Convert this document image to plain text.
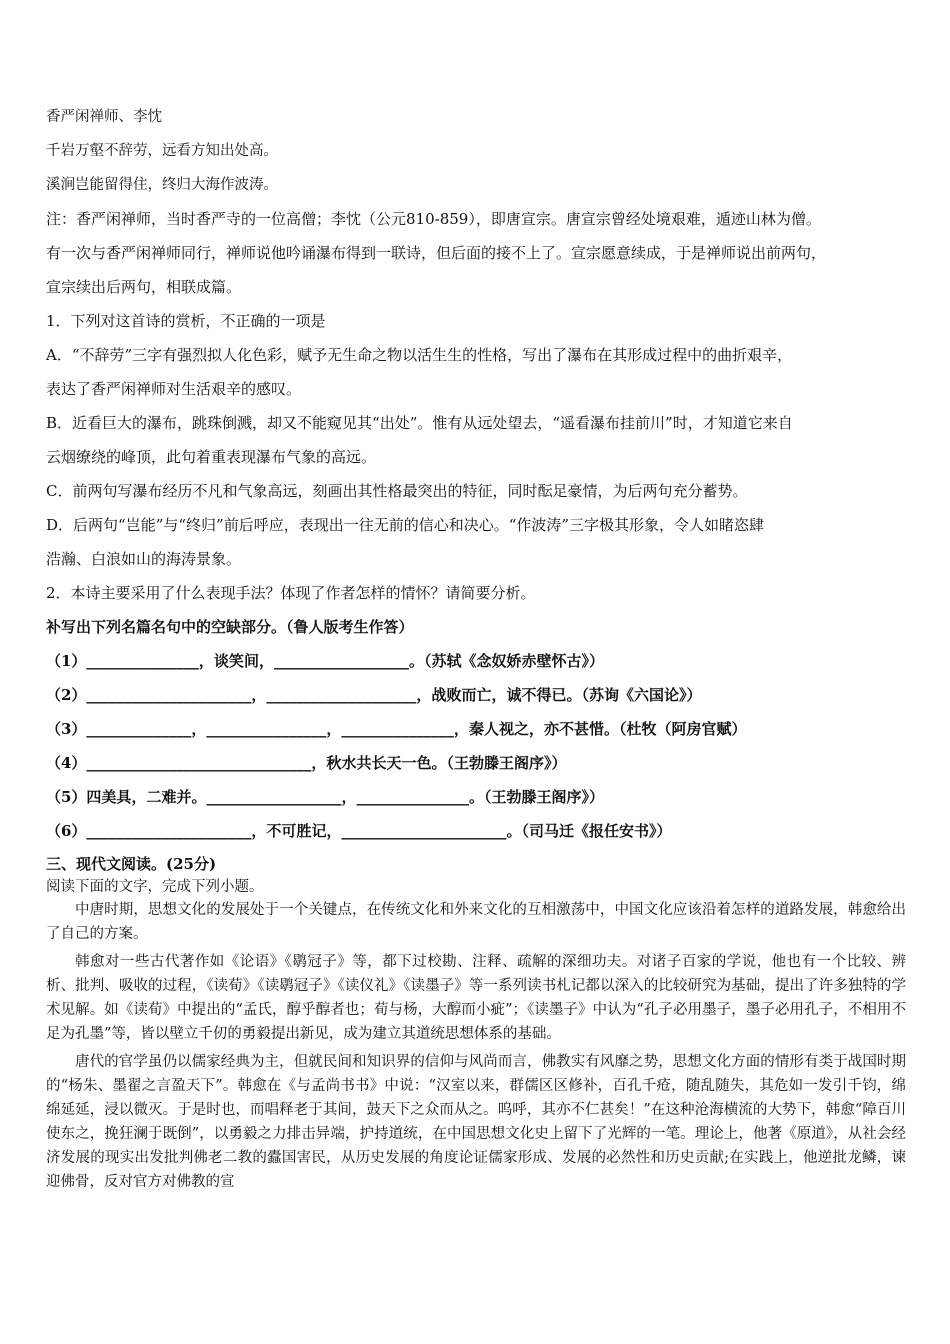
香严闲禅师、李忱
千岩万壑不辞劳，远看方知出处高。
溪涧岂能留得住，终归大海作波涛。
注：香严闲禅师，当时香严寺的一位高僧；李忱（公元810-859），即唐宣宗。唐宣宗曾经处境艰难，遁迹山林为僧。
有一次与香严闲禅师同行，禅师说他吟诵瀑布得到一联诗，但后面的接不上了。宣宗愿意续成，于是禅师说出前两句，
宣宗续出后两句，相联成篇。
1．下列对这首诗的赏析，不正确的一项是
A．“不辞劳”三字有强烈拟人化色彩，赋予无生命之物以活生生的性格，写出了瀑布在其形成过程中的曲折艰辛，
表达了香严闲禅师对生活艰辛的感叹。
B．近看巨大的瀑布，跳珠倒溅，却又不能窥见其“出处”。惟有从远处望去，“遥看瀑布挂前川”时，才知道它来自
云烟缭绕的峰顶，此句着重表现瀑布气象的高远。
C．前两句写瀑布经历不凡和气象高远，刻画出其性格最突出的特征，同时酝足豪情，为后两句充分蓄势。
D．后两句“岂能”与“终归”前后呼应，表现出一往无前的信心和决心。“作波涛”三字极其形象，令人如睹恣肆
浩瀚、白浪如山的海涛景象。
2．本诗主要采用了什么表现手法？体现了作者怎样的情怀？请简要分析。
补写出下列名篇名句中的空缺部分。（鲁人版考生作答）
（1）_______________，谈笑间，__________________。（苏轼《念奴娇赤壁怀古》）
（2）______________________，____________________，战败而亡，诚不得已。（苏询《六国论》）
（3）______________，________________，_______________，秦人视之，亦不甚惜。（杜牧（阿房官赋）
（4）______________________________，秋水共长天一色。（王勃滕王阁序》）
（5）四美具，二难并。__________________，_______________。（王勃滕王阁序》）
（6）______________________，不可胜记，______________________。（司马迁《报任安书》）
三、现代文阅读。(25分)
阅读下面的文字，完成下列小题。

中唐时期，思想文化的发展处于一个关键点，在传统文化和外来文化的互相激荡中，中国文化应该沿着怎样的道路发展，韩愈给出了自己的方案。

韩愈对一些古代著作如《论语》《鹖冠子》等，都下过校勘、注释、疏解的深细功夫。对诸子百家的学说，他也有一个比较、辨析、批判、吸收的过程，《读荀》《读鹖冠子》《读仪礼》《读墨子》等一系列读书札记都以深入的比较研究为基础，提出了许多独特的学术见解。如《读荀》中提出的“孟氏，醇乎醇者也；荀与杨，大醇而小疵”；《读墨子》中认为“孔子必用墨子，墨子必用孔子，不相用不足为孔墨”等，皆以壁立千仞的勇毅提出新见，成为建立其道统思想体系的基础。

唐代的官学虽仍以儒家经典为主，但就民间和知识界的信仰与风尚而言，佛教实有风靡之势，思想文化方面的情形有类于战国时期的“杨朱、墨翟之言盈天下”。韩愈在《与孟尚书书》中说：“汉室以来，群儒区区修补，百孔千疮，随乱随失，其危如一发引千钧，绵绵延延，浸以微灭。于是时也，而唱释老于其间，鼓天下之众而从之。呜呼，其亦不仁甚矣！”在这种沧海横流的大势下，韩愈“障百川使东之，挽狂澜于既倒”，以勇毅之力排击异端，护持道统，在中国思想文化史上留下了光辉的一笔。理论上，他著《原道》，从社会经济发展的现实出发批判佛老二教的蠹国害民，从历史发展的角度论证儒家形成、发展的必然性和历史贡献;在实践上，他逆批龙鳞，谏迎佛骨，反对官方对佛教的宣
